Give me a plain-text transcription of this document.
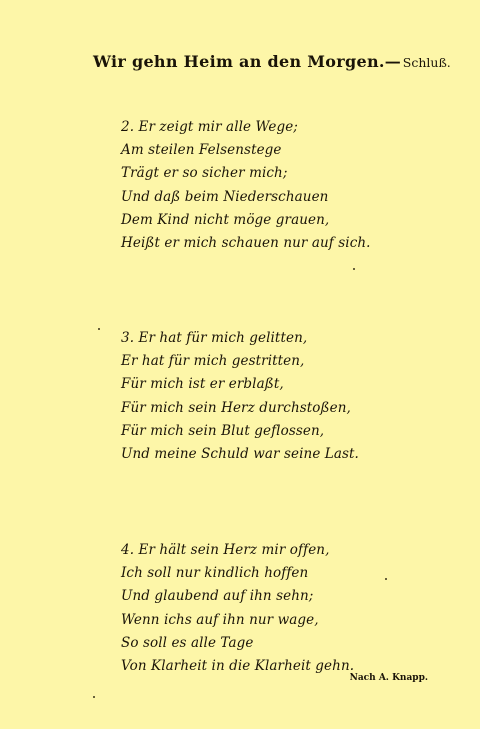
Wir gehn Heim an den Morgen.— Schluß.
2. Er zeigt mir alle Wege;
Am steilen Felsenstege
Trägt er so sicher mich;
Und daß beim Niederschauen
Dem Kind nicht möge grauen,
Heißt er mich schauen nur auf sich.
3. Er hat für mich gelitten,
Er hat für mich gestritten,
Für mich ist er erblaßt,
Für mich sein Herz durchstoßen,
Für mich sein Blut geflossen,
Und meine Schuld war seine Last.
4. Er hält sein Herz mir offen,
Ich soll nur kindlich hoffen
Und glaubend auf ihn sehn;
Wenn ichs auf ihn nur wage,
So soll es alle Tage
Von Klarheit in die Klarheit gehn.
Nach A. Knapp.
